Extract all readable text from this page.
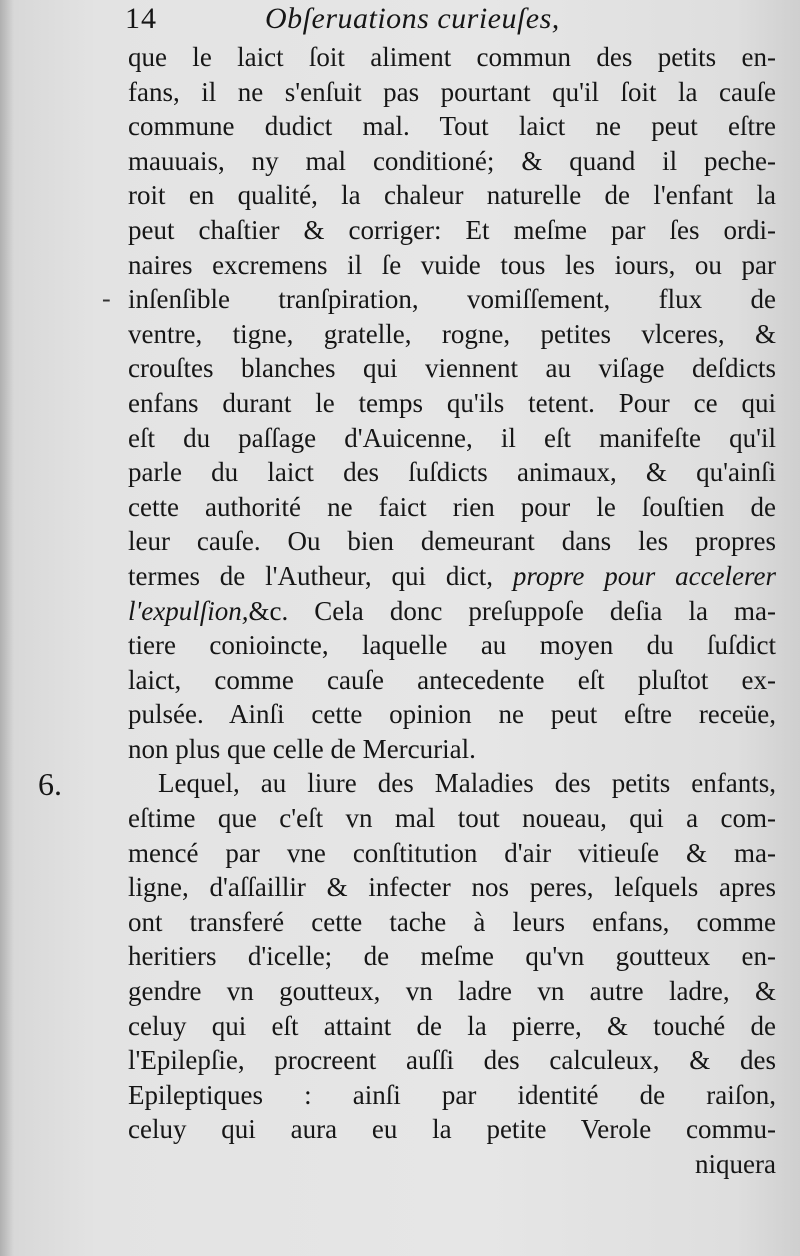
14	Obſeruations curieuſes,
-
6.
que le laict ſoit aliment commun des petits en-
fans, il ne s'enſuit pas pourtant qu'il ſoit la cauſe
commune dudict mal. Tout laict ne peut eſtre
mauuais, ny mal conditioné; & quand il peche-
roit en qualité, la chaleur naturelle de l'enfant la
peut chaſtier & corriger: Et meſme par ſes ordi-
naires excremens il ſe vuide tous les iours, ou par
inſenſible tranſpiration, vomiſſement, flux de
ventre, tigne, gratelle, rogne, petites vlceres, &
crouſtes blanches qui viennent au viſage deſdicts
enfans durant le temps qu'ils tetent. Pour ce qui
eſt du paſſage d'Auicenne, il eſt manifeſte qu'il
parle du laict des ſuſdicts animaux, & qu'ainſi
cette authorité ne faict rien pour le ſouſtien de
leur cauſe. Ou bien demeurant dans les propres
termes de l'Autheur, qui dict, propre pour accelerer
l'expulſion,&c. Cela donc preſuppoſe deſia la ma-
tiere conioincte, laquelle au moyen du ſuſdict
laict, comme cauſe antecedente eſt pluſtot ex-
pulsée. Ainſi cette opinion ne peut eſtre receüe,
non plus que celle de Mercurial.
Lequel, au liure des Maladies des petits enfants,
eſtime que c'eſt vn mal tout noueau, qui a com-
mencé par vne conſtitution d'air vitieuſe & ma-
ligne, d'aſſaillir & infecter nos peres, leſquels apres
ont transferé cette tache à leurs enfans, comme
heritiers d'icelle; de meſme qu'vn goutteux en-
gendre vn goutteux, vn ladre vn autre ladre, &
celuy qui eſt attaint de la pierre, & touché de
l'Epilepſie, procreent auſſi des calculeux, & des
Epileptiques : ainſi par identité de raiſon,
celuy qui aura eu la petite Verole commu-
niquera
